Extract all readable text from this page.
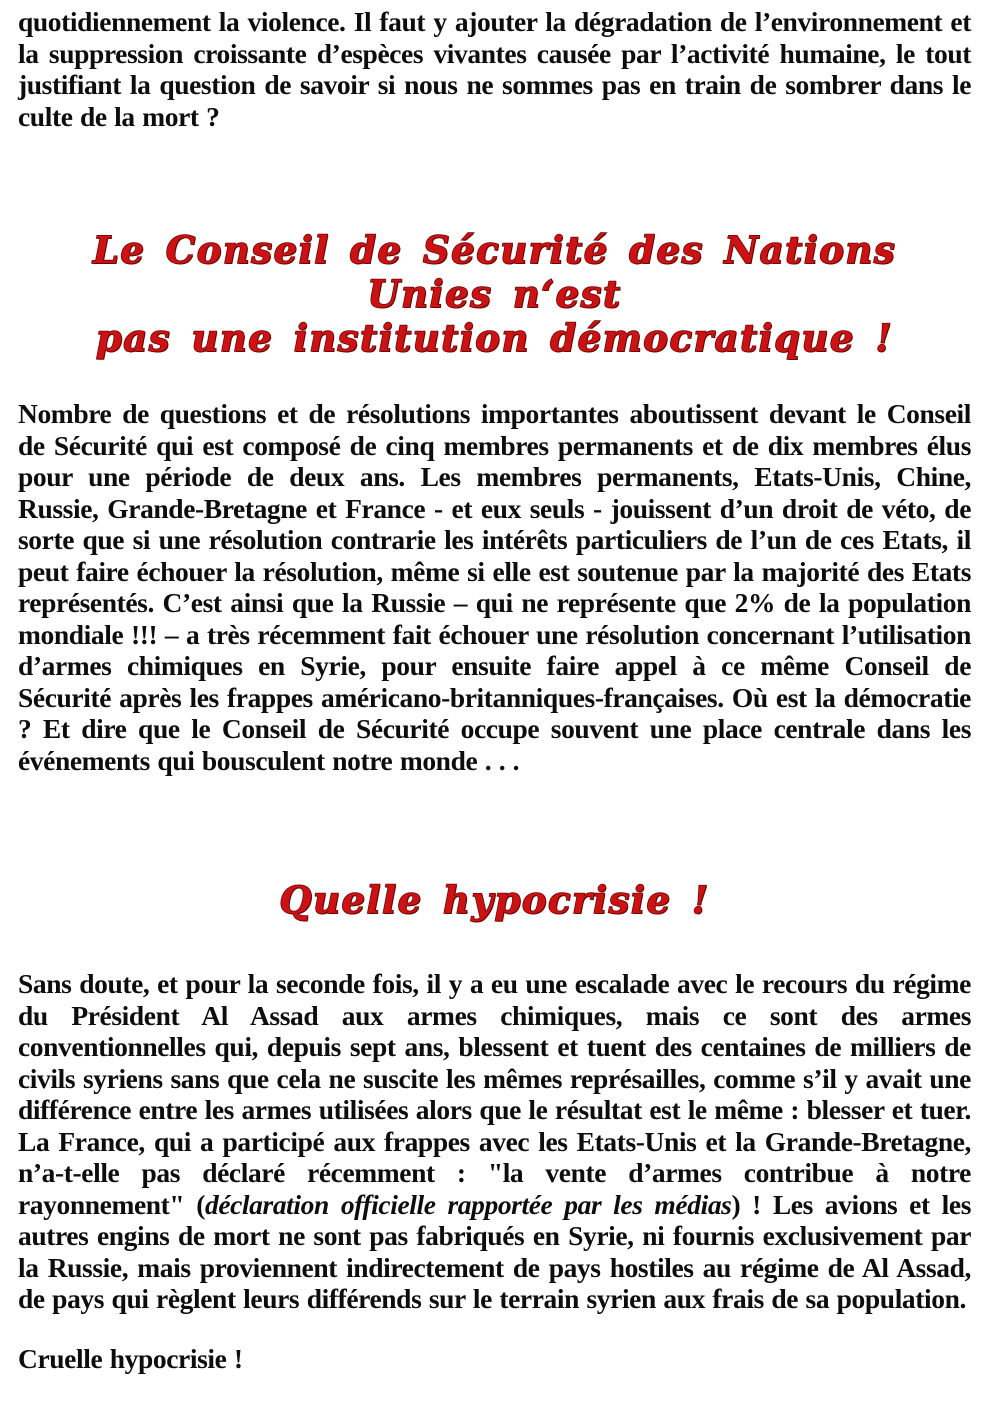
quotidiennement la violence. Il faut y ajouter la dégradation de l’environnement et la suppression croissante d’espèces vivantes causée par l’activité humaine, le tout justifiant la question de savoir si nous ne sommes pas en train de sombrer dans le culte de la mort ?

Le Conseil de Sécurité des Nations Unies n‘est
pas une institution démocratique !

Nombre de questions et de résolutions importantes aboutissent devant le Conseil de Sécurité qui est composé de cinq membres permanents et de dix membres élus pour une période de deux ans. Les membres permanents, Etats-Unis, Chine, Russie, Grande-Bretagne et France - et eux seuls - jouissent d’un droit de véto, de sorte que si une résolution contrarie les intérêts particuliers de l’un de ces Etats, il peut faire échouer la résolution, même si elle est soutenue par la majorité des Etats représentés. C’est ainsi que la Russie – qui ne représente que 2% de la population mondiale !!! – a très récemment fait échouer une résolution concernant l’utilisation d’armes chimiques en Syrie, pour ensuite faire appel à ce même Conseil de Sécurité après les frappes américano-britanniques-françaises. Où est la démocratie ? Et dire que le Conseil de Sécurité occupe souvent une place centrale dans les événements qui bousculent notre monde . . .

Quelle hypocrisie !

Sans doute, et pour la seconde fois, il y a eu une escalade avec le recours du régime du Président Al Assad aux armes chimiques, mais ce sont des armes conventionnelles qui, depuis sept ans, blessent et tuent des centaines de milliers de civils syriens sans que cela ne suscite les mêmes représailles, comme s’il y avait une différence entre les armes utilisées alors que le résultat est le même : blesser et tuer. La France, qui a participé aux frappes avec les Etats-Unis et la Grande-Bretagne, n’a-t-elle pas déclaré récemment : "la vente d’armes contribue à notre rayonnement" (déclaration officielle rapportée par les médias) ! Les avions et les autres engins de mort ne sont pas fabriqués en Syrie, ni fournis exclusivement par la Russie, mais proviennent indirectement de pays hostiles au régime de Al Assad, de pays qui règlent leurs différends sur le terrain syrien aux frais de sa population.

Cruelle hypocrisie !
